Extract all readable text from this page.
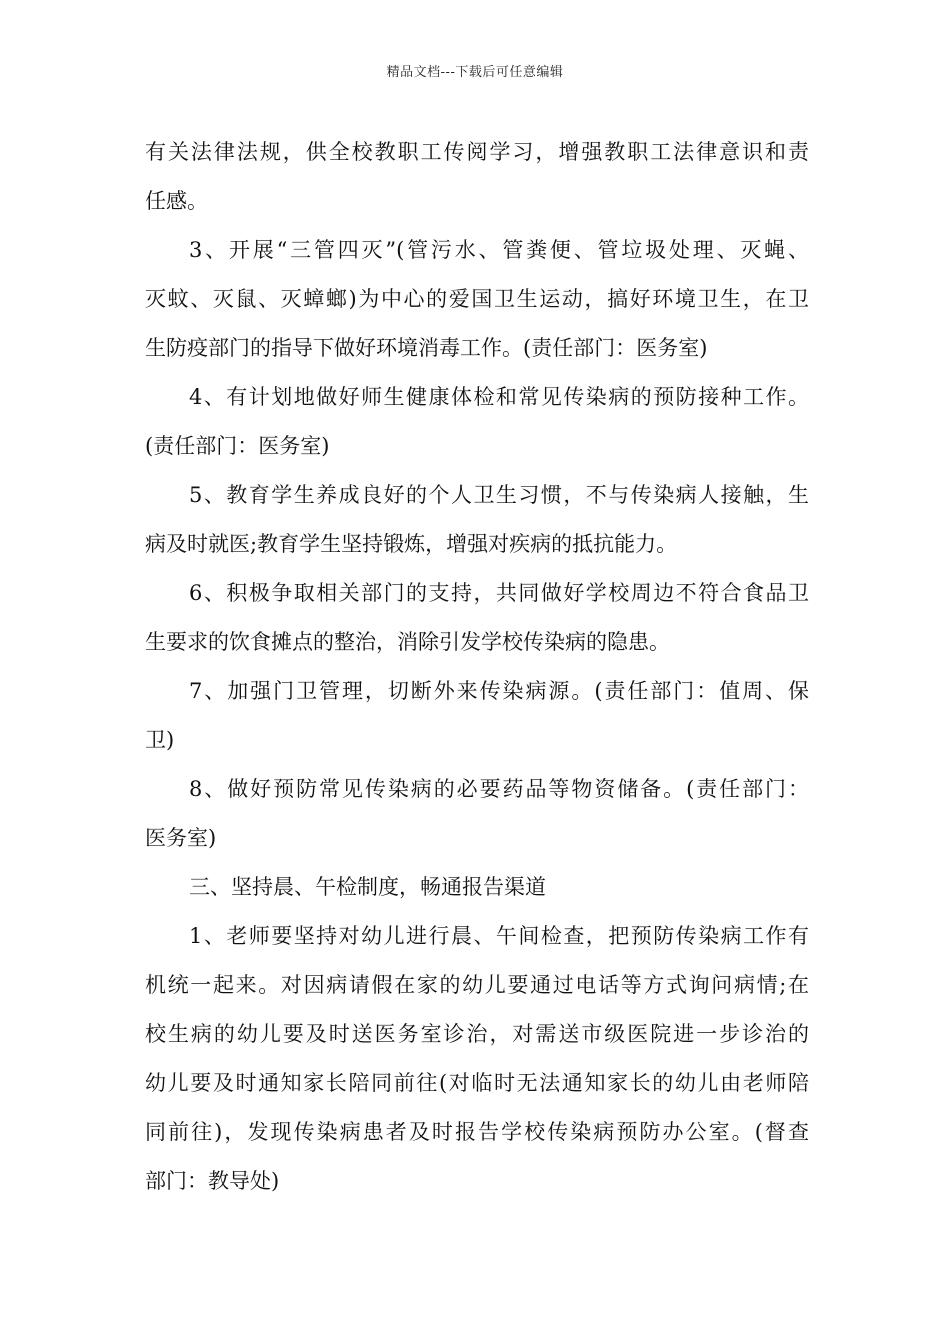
精品文档---下载后可任意编辑
有关法律法规，供全校教职工传阅学习，增强教职工法律意识和责
任感。
3、开展“三管四灭”(管污水、管粪便、管垃圾处理、灭蝇、
灭蚊、灭鼠、灭蟑螂)为中心的爱国卫生运动，搞好环境卫生，在卫
生防疫部门的指导下做好环境消毒工作。(责任部门：医务室)
4、有计划地做好师生健康体检和常见传染病的预防接种工作。
(责任部门：医务室)
5、教育学生养成良好的个人卫生习惯，不与传染病人接触，生
病及时就医;教育学生坚持锻炼，增强对疾病的抵抗能力。
6、积极争取相关部门的支持，共同做好学校周边不符合食品卫
生要求的饮食摊点的整治，消除引发学校传染病的隐患。
7、加强门卫管理，切断外来传染病源。(责任部门：值周、保
卫)
8、做好预防常见传染病的必要药品等物资储备。(责任部门：
医务室)
三、坚持晨、午检制度，畅通报告渠道
1、老师要坚持对幼儿进行晨、午间检查，把预防传染病工作有
机统一起来。对因病请假在家的幼儿要通过电话等方式询问病情;在
校生病的幼儿要及时送医务室诊治，对需送市级医院进一步诊治的
幼儿要及时通知家长陪同前往(对临时无法通知家长的幼儿由老师陪
同前往)，发现传染病患者及时报告学校传染病预防办公室。(督查
部门：教导处)
